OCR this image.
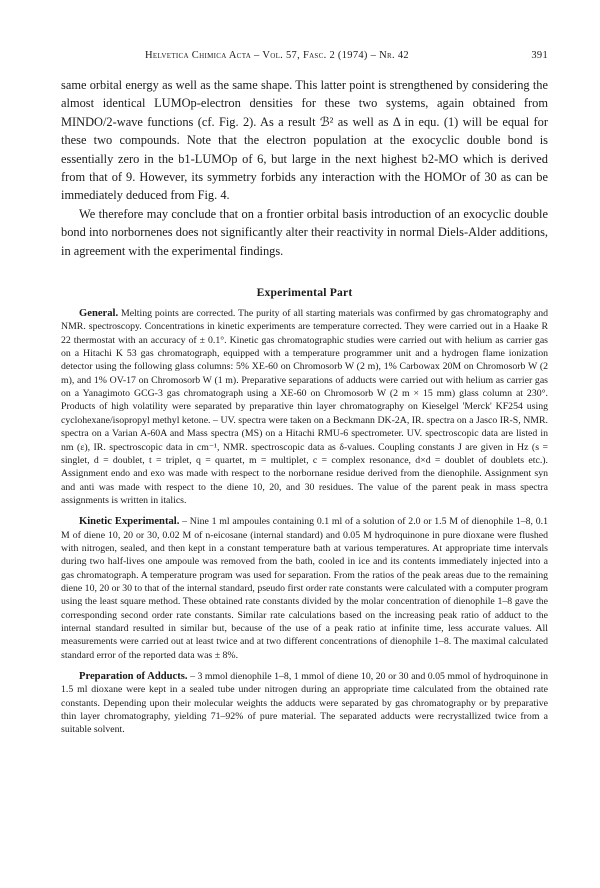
Helvetica Chimica Acta – Vol. 57, Fasc. 2 (1974) – Nr. 42	391

same orbital energy as well as the same shape. This latter point is strengthened by considering the almost identical LUMOp-electron densities for these two systems, again obtained from MINDO/2-wave functions (cf. Fig. 2). As a result ℬ² as well as Δ in equ. (1) will be equal for these two compounds. Note that the electron population at the exocyclic double bond is essentially zero in the b1-LUMOp of 6, but large in the next highest b2-MO which is derived from that of 9. However, its symmetry forbids any interaction with the HOMOr of 30 as can be immediately deduced from Fig. 4.

We therefore may conclude that on a frontier orbital basis introduction of an exocyclic double bond into norbornenes does not significantly alter their reactivity in normal Diels-Alder additions, in agreement with the experimental findings.

Experimental Part

General. Melting points are corrected. The purity of all starting materials was confirmed by gas chromatography and NMR. spectroscopy. Concentrations in kinetic experiments are temperature corrected. They were carried out in a Haake R 22 thermostat with an accuracy of ± 0.1°. Kinetic gas chromatographic studies were carried out with helium as carrier gas on a Hitachi K 53 gas chromatograph, equipped with a temperature programmer unit and a hydrogen flame ionization detector using the following glass columns: 5% XE-60 on Chromosorb W (2 m), 1% Carbowax 20M on Chromosorb W (2 m), and 1% OV-17 on Chromosorb W (1 m). Preparative separations of adducts were carried out with helium as carrier gas on a Yanagimoto GCG-3 gas chromatograph using a XE-60 on Chromosorb W (2 m × 15 mm) glass column at 230°. Products of high volatility were separated by preparative thin layer chromatography on Kieselgel 'Merck' KF254 using cyclohexane/isopropyl methyl ketone. – UV. spectra were taken on a Beckmann DK-2A, IR. spectra on a Jasco IR-S, NMR. spectra on a Varian A-60A and Mass spectra (MS) on a Hitachi RMU-6 spectrometer. UV. spectroscopic data are listed in nm (ε), IR. spectroscopic data in cm⁻¹, NMR. spectroscopic data as δ-values. Coupling constants J are given in Hz (s = singlet, d = doublet, t = triplet, q = quartet, m = multiplet, c = complex resonance, d×d = doublet of doublets etc.). Assignment endo and exo was made with respect to the norbornane residue derived from the dienophile. Assignment syn and anti was made with respect to the diene 10, 20, and 30 residues. The value of the parent peak in mass spectra assignments is written in italics.

Kinetic Experimental. – Nine 1 ml ampoules containing 0.1 ml of a solution of 2.0 or 1.5 M of dienophile 1–8, 0.1 M of diene 10, 20 or 30, 0.02 M of n-eicosane (internal standard) and 0.05 M hydroquinone in pure dioxane were flushed with nitrogen, sealed, and then kept in a constant temperature bath at various temperatures. At appropriate time intervals during two half-lives one ampoule was removed from the bath, cooled in ice and its contents immediately injected into a gas chromatograph. A temperature program was used for separation. From the ratios of the peak areas due to the remaining diene 10, 20 or 30 to that of the internal standard, pseudo first order rate constants were calculated with a computer program using the least square method. These obtained rate constants divided by the molar concentration of dienophile 1–8 gave the corresponding second order rate constants. Similar rate calculations based on the increasing peak ratio of adduct to the internal standard resulted in similar but, because of the use of a peak ratio at infinite time, less accurate values. All measurements were carried out at least twice and at two different concentrations of dienophile 1–8. The maximal calculated standard error of the reported data was ± 8%.

Preparation of Adducts. – 3 mmol dienophile 1–8, 1 mmol of diene 10, 20 or 30 and 0.05 mmol of hydroquinone in 1.5 ml dioxane were kept in a sealed tube under nitrogen during an appropriate time calculated from the obtained rate constants. Depending upon their molecular weights the adducts were separated by gas chromatography or by preparative thin layer chromatography, yielding 71–92% of pure material. The separated adducts were recrystallized twice from a suitable solvent.
